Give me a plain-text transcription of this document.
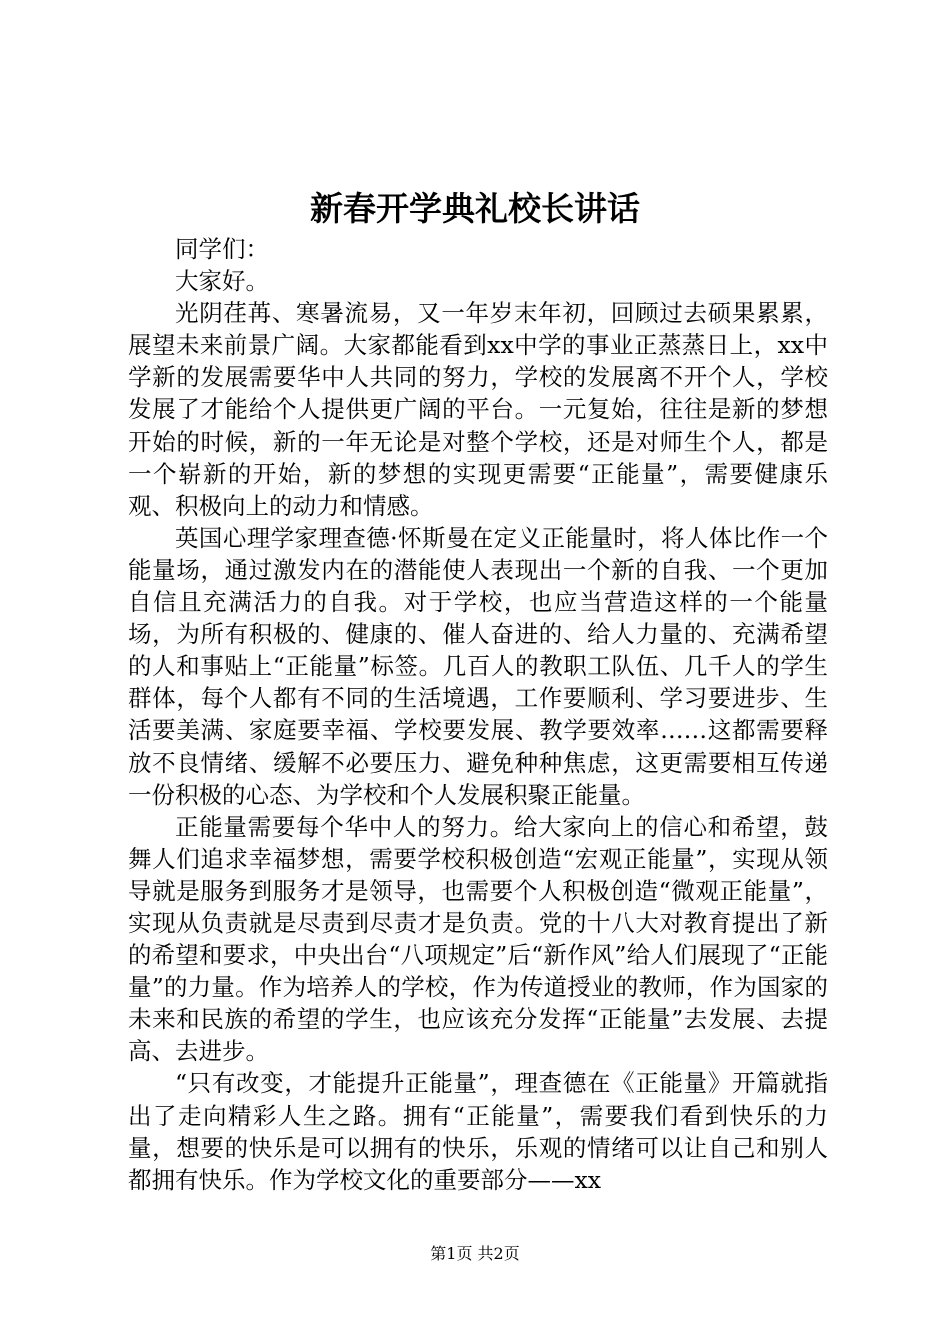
新春开学典礼校长讲话

同学们：

大家好。

光阴荏苒、寒暑流易，又一年岁末年初，回顾过去硕果累累，展望未来前景广阔。大家都能看到xx中学的事业正蒸蒸日上，xx中学新的发展需要华中人共同的努力，学校的发展离不开个人，学校发展了才能给个人提供更广阔的平台。一元复始，往往是新的梦想开始的时候，新的一年无论是对整个学校，还是对师生个人，都是一个崭新的开始，新的梦想的实现更需要“正能量”，需要健康乐观、积极向上的动力和情感。

英国心理学家理查德·怀斯曼在定义正能量时，将人体比作一个能量场，通过激发内在的潜能使人表现出一个新的自我、一个更加自信且充满活力的自我。对于学校，也应当营造这样的一个能量场，为所有积极的、健康的、催人奋进的、给人力量的、充满希望的人和事贴上“正能量”标签。几百人的教职工队伍、几千人的学生群体，每个人都有不同的生活境遇，工作要顺利、学习要进步、生活要美满、家庭要幸福、学校要发展、教学要效率……这都需要释放不良情绪、缓解不必要压力、避免种种焦虑，这更需要相互传递一份积极的心态、为学校和个人发展积聚正能量。

正能量需要每个华中人的努力。给大家向上的信心和希望，鼓舞人们追求幸福梦想，需要学校积极创造“宏观正能量”，实现从领导就是服务到服务才是领导，也需要个人积极创造“微观正能量”，实现从负责就是尽责到尽责才是负责。党的十八大对教育提出了新的希望和要求，中央出台“八项规定”后“新作风”给人们展现了“正能量”的力量。作为培养人的学校，作为传道授业的教师，作为国家的未来和民族的希望的学生，也应该充分发挥“正能量”去发展、去提高、去进步。

“只有改变，才能提升正能量”，理查德在《正能量》开篇就指出了走向精彩人生之路。拥有“正能量”，需要我们看到快乐的力量，想要的快乐是可以拥有的快乐，乐观的情绪可以让自己和别人都拥有快乐。作为学校文化的重要部分——xx

第1页 共2页
